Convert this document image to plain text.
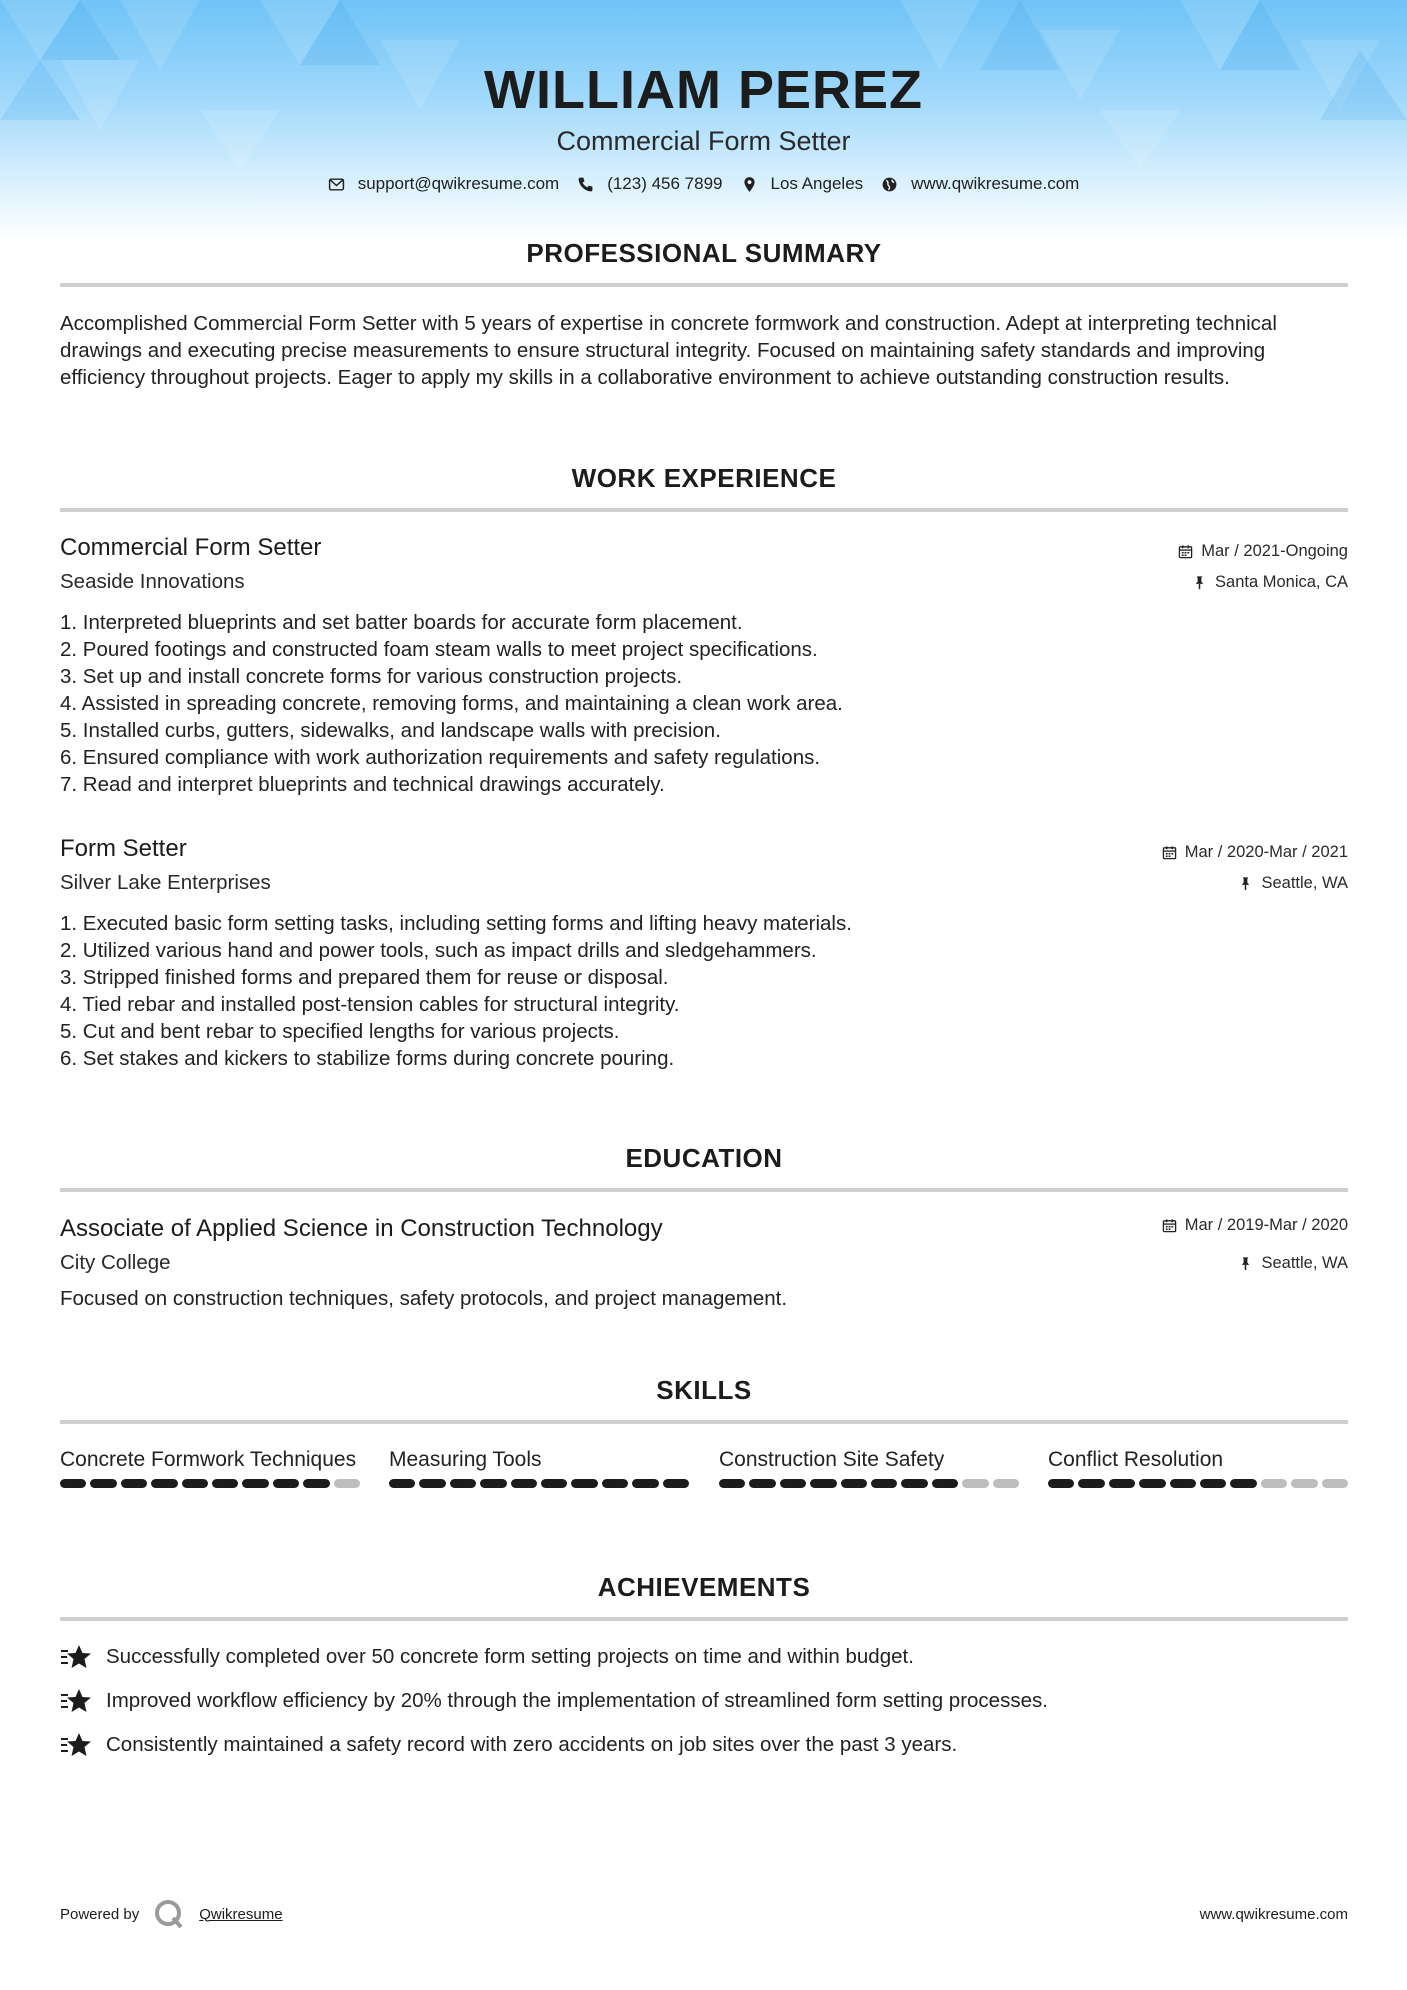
WILLIAM PEREZ
Commercial Form Setter
support@qwikresume.com	(123) 456 7899	Los Angeles	www.qwikresume.com
PROFESSIONAL SUMMARY
Accomplished Commercial Form Setter with 5 years of expertise in concrete formwork and construction. Adept at interpreting technical drawings and executing precise measurements to ensure structural integrity. Focused on maintaining safety standards and improving efficiency throughout projects. Eager to apply my skills in a collaborative environment to achieve outstanding construction results.
WORK EXPERIENCE
Commercial Form Setter
Seaside Innovations
Mar / 2021-Ongoing
Santa Monica, CA
1. Interpreted blueprints and set batter boards for accurate form placement.
2. Poured footings and constructed foam steam walls to meet project specifications.
3. Set up and install concrete forms for various construction projects.
4. Assisted in spreading concrete, removing forms, and maintaining a clean work area.
5. Installed curbs, gutters, sidewalks, and landscape walls with precision.
6. Ensured compliance with work authorization requirements and safety regulations.
7. Read and interpret blueprints and technical drawings accurately.
Form Setter
Silver Lake Enterprises
Mar / 2020-Mar / 2021
Seattle, WA
1. Executed basic form setting tasks, including setting forms and lifting heavy materials.
2. Utilized various hand and power tools, such as impact drills and sledgehammers.
3. Stripped finished forms and prepared them for reuse or disposal.
4. Tied rebar and installed post-tension cables for structural integrity.
5. Cut and bent rebar to specified lengths for various projects.
6. Set stakes and kickers to stabilize forms during concrete pouring.
EDUCATION
Associate of Applied Science in Construction Technology
City College
Mar / 2019-Mar / 2020
Seattle, WA
Focused on construction techniques, safety protocols, and project management.
SKILLS
Concrete Formwork Techniques Measuring Tools	Construction Site Safety	Conflict Resolution
ACHIEVEMENTS
Successfully completed over 50 concrete form setting projects on time and within budget.
Improved workflow efficiency by 20% through the implementation of streamlined form setting processes.
Consistently maintained a safety record with zero accidents on job sites over the past 3 years.
Powered by	Qwikresume	www.qwikresume.com
